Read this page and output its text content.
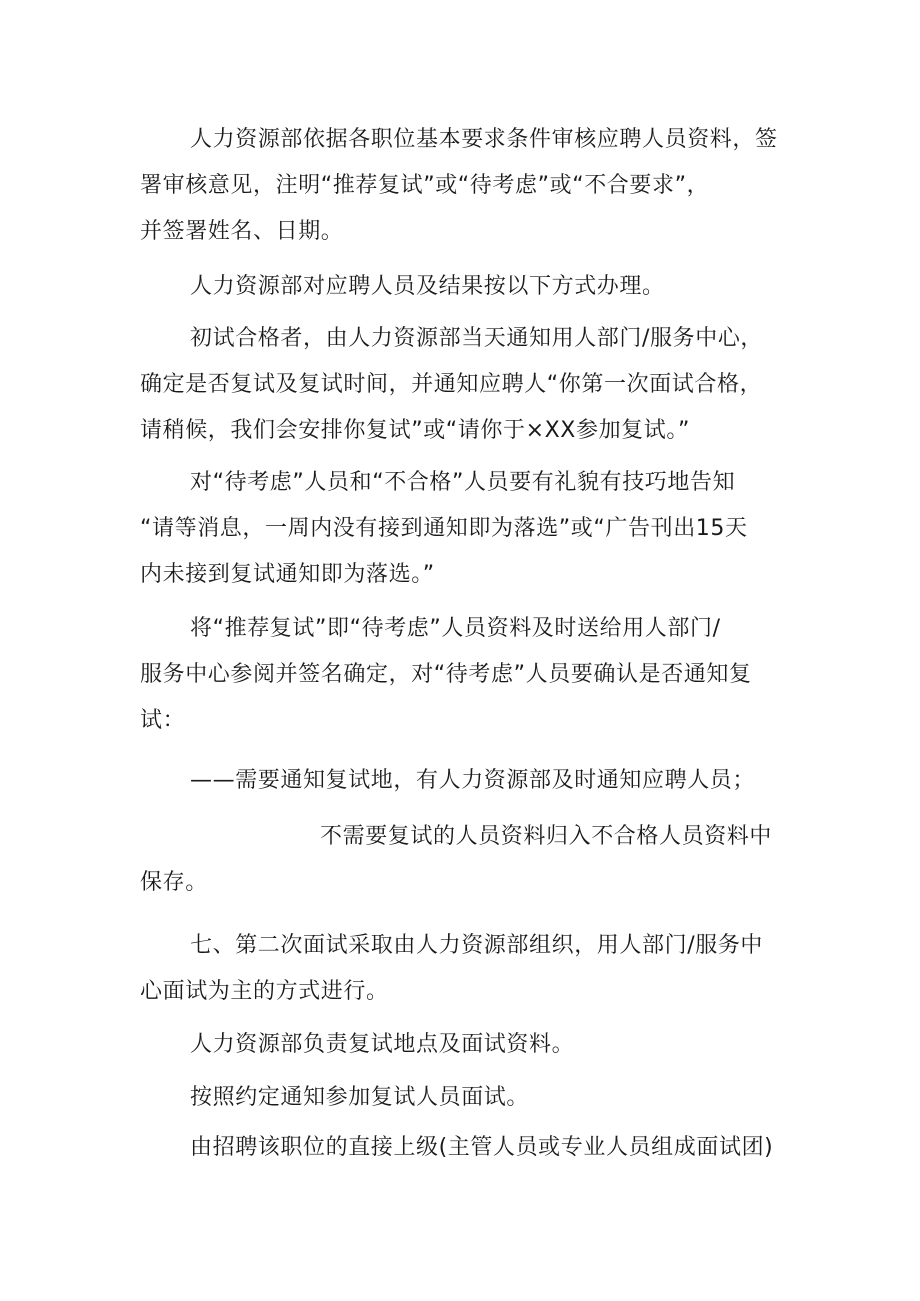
人力资源部依据各职位基本要求条件审核应聘人员资料，签
署审核意见，注明“推荐复试”或“待考虑”或“不合要求”，
并签署姓名、日期。

人力资源部对应聘人员及结果按以下方式办理。

初试合格者，由人力资源部当天通知用人部门/服务中心，
确定是否复试及复试时间，并通知应聘人“你第一次面试合格，
请稍候，我们会安排你复试”或“请你于×XX参加复试。”

对“待考虑”人员和“不合格”人员要有礼貌有技巧地告知
“请等消息，一周内没有接到通知即为落选”或“广告刊出15天
内未接到复试通知即为落选。”

将“推荐复试”即“待考虑”人员资料及时送给用人部门/
服务中心参阅并签名确定，对“待考虑”人员要确认是否通知复
试：

——需要通知复试地，有人力资源部及时通知应聘人员；

不需要复试的人员资料归入不合格人员资料中
保存。

七、第二次面试采取由人力资源部组织，用人部门/服务中
心面试为主的方式进行。

人力资源部负责复试地点及面试资料。

按照约定通知参加复试人员面试。

由招聘该职位的直接上级(主管人员或专业人员组成面试团)
